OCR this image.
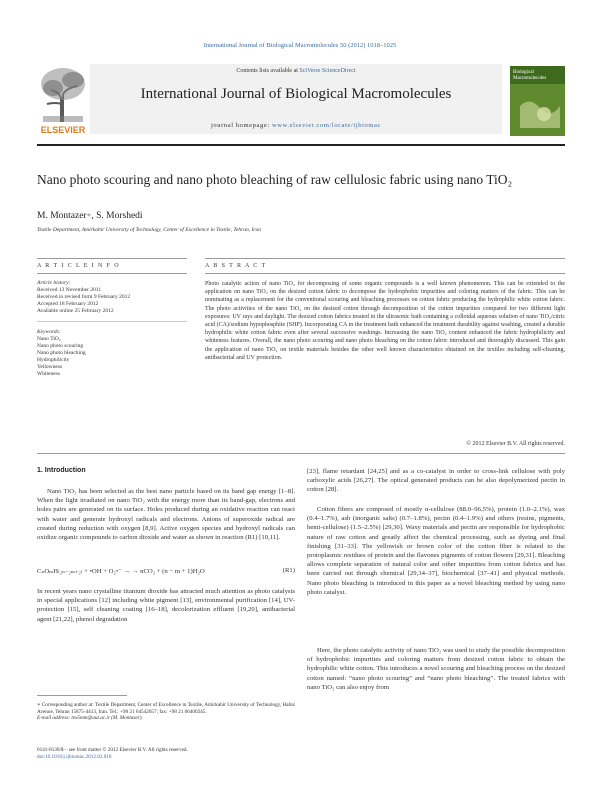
International Journal of Biological Macromolecules 50 (2012) 1018–1025
ELSEVIER
Contents lists available at SciVerse ScienceDirect
International Journal of Biological Macromolecules
journal homepage: www.elsevier.com/locate/ijbiomac
Biological Macromolecules
Nano photo scouring and nano photo bleaching of raw cellulosic fabric using nano TiO₂
M. Montazer∗, S. Morshedi
Textile Department, Amirkabir University of Technology, Center of Excellence in Textile, Tehran, Iran
A R T I C L E I N F O
Article history:
Received 13 November 2011
Received in revised form 9 February 2012
Accepted 18 February 2012
Available online 25 February 2012
Keywords:
Nano TiO₂
Nano photo scouring
Nano photo bleaching
Hydrophilicity
Yellowness
Whiteness
A B S T R A C T
Photo catalytic action of nano TiO₂ for decomposing of some organic compounds is a well known phenomenon. This can be extended to the application on nano TiO₂ on the desized cotton fabric to decompose the hydrophobic impurities and coloring matters of the fabric. This can be nominating as a replacement for the conventional scouring and bleaching processes on cotton fabric producing the hydrophilic white cotton fabric. The photo activities of the nano TiO₂ on the desized cotton through decomposition of the cotton impurities compared for two different light exposures: UV rays and daylight. The desized cotton fabrics treated in the ultrasonic bath containing a colloidal aqueous solution of nano TiO₂/citric acid (CA)/sodium hypophosphite (SHP). Incorporating CA in the treatment bath enhanced the treatment durability against washing, created a durable hydrophilic white cotton fabric even after several successive washings. Increasing the nano TiO₂ content enhanced the fabric hydrophilicity and whiteness features. Overall, the nano photo scouring and nano photo bleaching on the cotton fabric introduced and thoroughly discussed. This gain the application of nano TiO₂ on textile materials besides the other well known characteristics obtained on the textiles including self-cleaning, antibacterial and UV protection.
© 2012 Elsevier B.V. All rights reserved.
1. Introduction

Nano TiO₂ has been selected as the best nano particle based on its band gap energy [1–8]. When the light irradiated on nano TiO₂ with the energy more than its band-gap, electrons and holes pairs are generated on its surface. Holes produced during an oxidative reaction can react with water and generate hydroxyl radicals and electrons. Anions of superoxide radical are created during reduction with oxygen [8,9]. Active oxygen species and hydroxyl radicals can oxidize organic compounds to carbon dioxide and water as shown in reaction (R1) [10,11].

CₙOₘH₍₂ₙ₋₂ₘ₊₂₎ + •OH + O₂•⁻ → → nCO₂ + (n − m + 1)H₂O	(R1)

In recent years nano crystalline titanium dioxide has attracted much attention as photo catalysts in special applications [12] including white pigment [13], environmental purification [14], UV-protection [15], self cleaning coating [16–18], decolorization effluent [19,20], antibacterial agent [21,22], phenol degradation

[23], flame retardant [24,25] and as a co-catalyst in order to cross-link cellulose with poly carboxylic acids [26,27]. The optical generated products can be also depolymerized pectin in cotton [28].

Cotton fibers are composed of mostly α-cellulose (88.0–96.5%), protein (1.0–2.1%), wax (0.4–1.7%), ash (inorganic salts) (0.7–1.8%), pectin (0.4–1.9%) and others (resins, pigments, hemi-cellulose) (1.5–2.5%) [29,30]. Waxy materials and pectin are responsible for hydrophobic nature of raw cotton and greatly affect the chemical processing, such as dyeing and final finishing [31–33]. The yellowish or brown color of the cotton fiber is related to the protoplasmic residues of protein and the flavones pigments of cotton flowers [29,31]. Bleaching allows complete separation of natural color and other impurities from cotton fabrics and has been carried out through chemical [29,34–37], biochemical [37–41] and physical methods. Nano photo bleaching is introduced in this paper as a novel bleaching method by using nano photo catalyst.

Here, the photo catalytic activity of nano TiO₂ was used to study the possible decomposition of hydrophobic impurities and coloring matters from desized cotton fabric to obtain the hydrophilic white cotton. This introduces a novel scouring and bleaching process on the desized cotton named: “nano photo scouring” and “nano photo bleaching”. The treated fabrics with nano TiO₂ can also enjoy from

∗ Corresponding author at: Textile Department, Center of Excellence in Textile, Amirkabir University of Technology, Hafez Avenue, Tehran 15875-4413, Iran. Tel.: +98 21 64542657; fax: +98 21 66400245.
E-mail address: tex5mm@aut.ac.ir (M. Montazer).
0141-8130/$ – see front matter © 2012 Elsevier B.V. All rights reserved.
doi:10.1016/j.ijbiomac.2012.02.018
